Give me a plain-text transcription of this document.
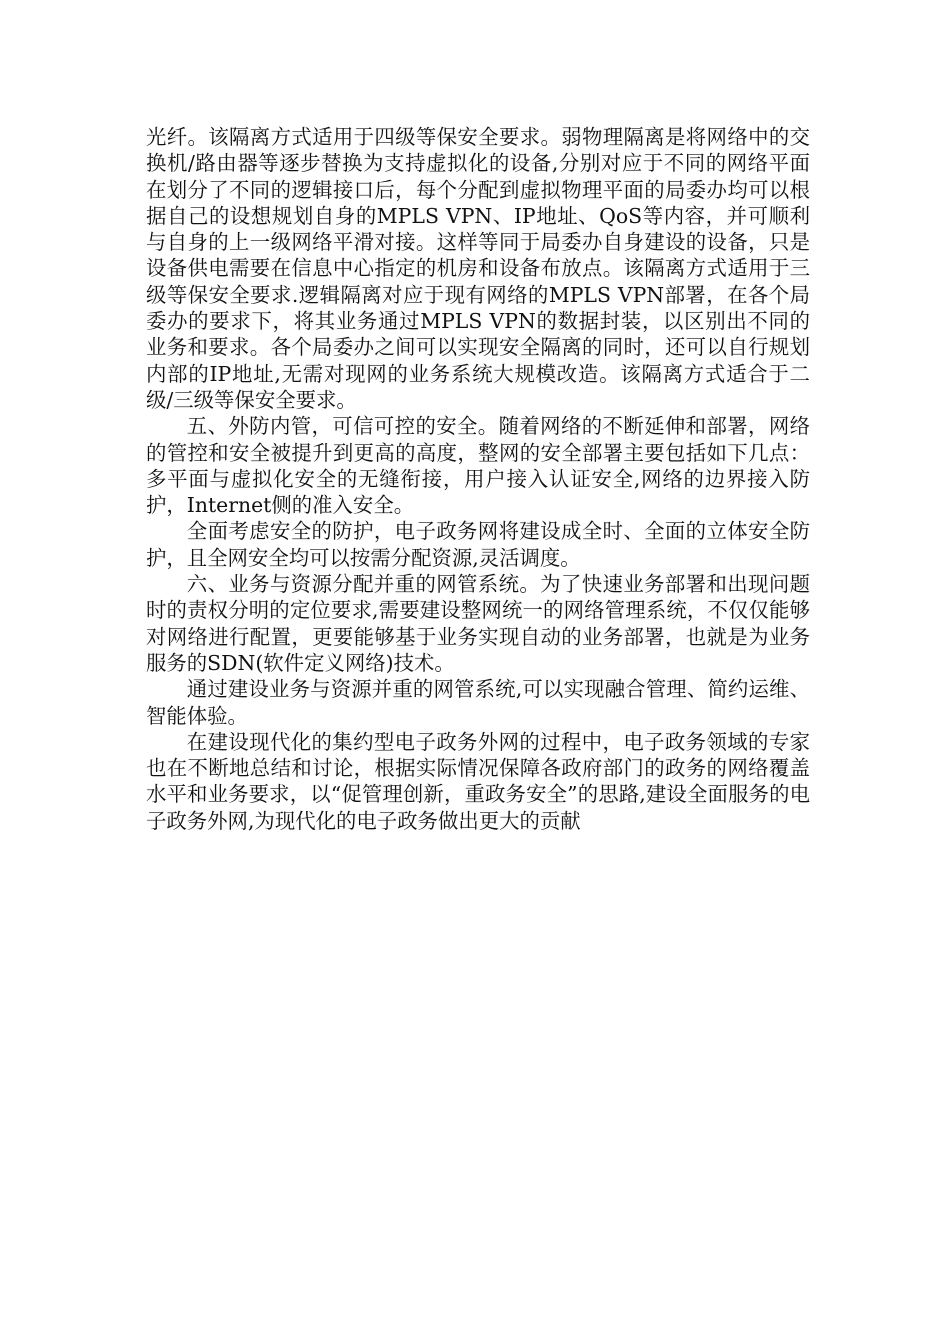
光纤。该隔离方式适用于四级等保安全要求。弱物理隔离是将网络中的交换机/路由器等逐步替换为支持虚拟化的设备,分别对应于不同的网络平面在划分了不同的逻辑接口后，每个分配到虚拟物理平面的局委办均可以根据自己的设想规划自身的MPLS VPN、IP地址、QoS等内容，并可顺利与自身的上一级网络平滑对接。这样等同于局委办自身建设的设备，只是设备供电需要在信息中心指定的机房和设备布放点。该隔离方式适用于三级等保安全要求.逻辑隔离对应于现有网络的MPLS VPN部署，在各个局委办的要求下，将其业务通过MPLS VPN的数据封装，以区别出不同的业务和要求。各个局委办之间可以实现安全隔离的同时，还可以自行规划内部的IP地址,无需对现网的业务系统大规模改造。该隔离方式适合于二级/三级等保安全要求。

五、外防内管，可信可控的安全。随着网络的不断延伸和部署，网络的管控和安全被提升到更高的高度，整网的安全部署主要包括如下几点：多平面与虚拟化安全的无缝衔接，用户接入认证安全,网络的边界接入防护，Internet侧的准入安全。

全面考虑安全的防护，电子政务网将建设成全时、全面的立体安全防护，且全网安全均可以按需分配资源,灵活调度。

六、业务与资源分配并重的网管系统。为了快速业务部署和出现问题时的责权分明的定位要求,需要建设整网统一的网络管理系统，不仅仅能够对网络进行配置，更要能够基于业务实现自动的业务部署，也就是为业务服务的SDN(软件定义网络)技术。

通过建设业务与资源并重的网管系统,可以实现融合管理、简约运维、智能体验。

在建设现代化的集约型电子政务外网的过程中，电子政务领域的专家也在不断地总结和讨论，根据实际情况保障各政府部门的政务的网络覆盖水平和业务要求，以“促管理创新，重政务安全”的思路,建设全面服务的电子政务外网,为现代化的电子政务做出更大的贡献
